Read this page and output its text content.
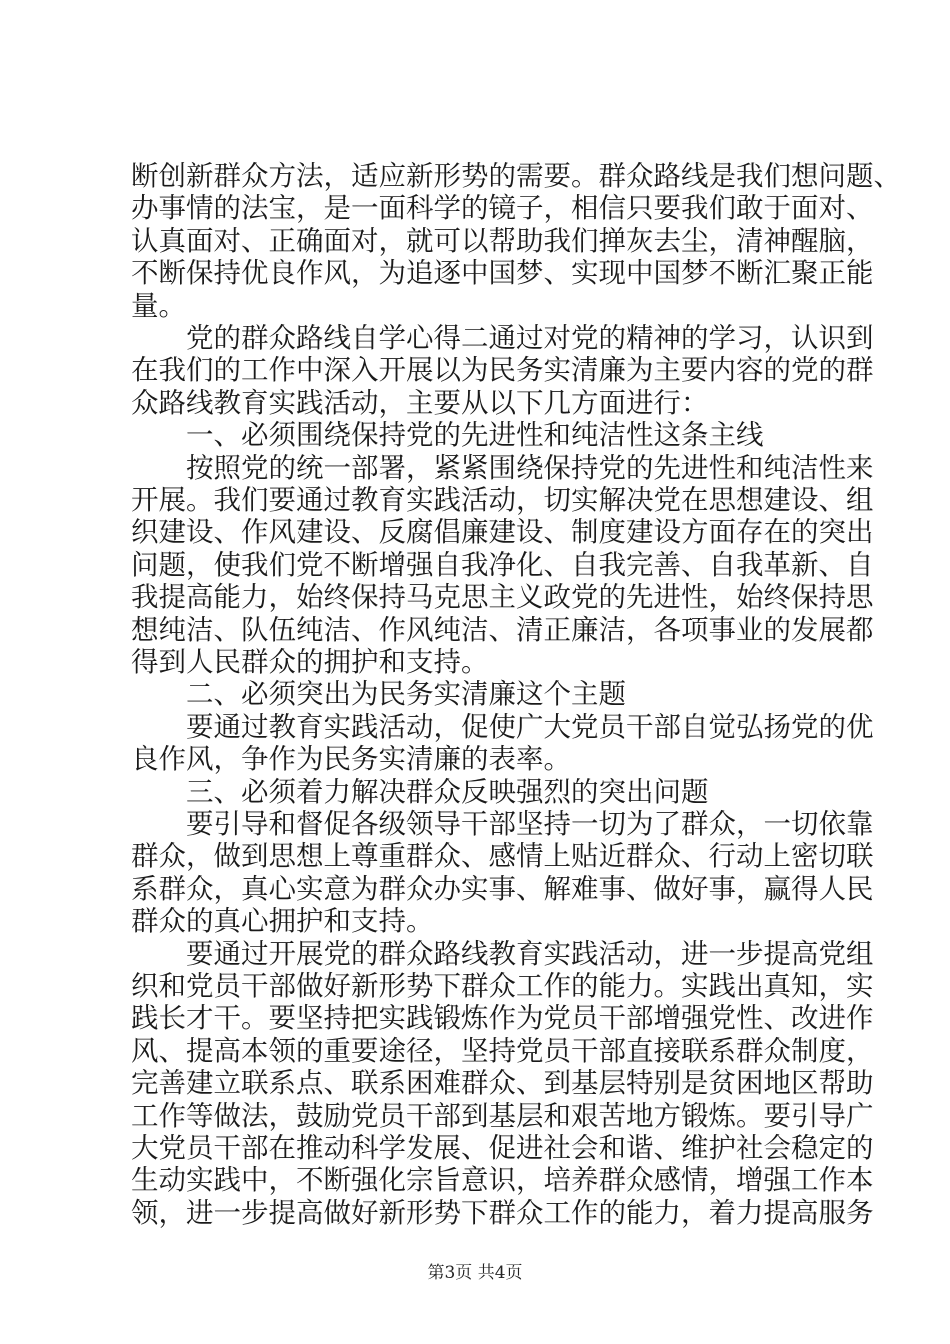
断创新群众方法，适应新形势的需要。群众路线是我们想问题、
办事情的法宝，是一面科学的镜子，相信只要我们敢于面对、
认真面对、正确面对，就可以帮助我们掸灰去尘，清神醒脑，
不断保持优良作风，为追逐中国梦、实现中国梦不断汇聚正能
量。
　　党的群众路线自学心得二通过对党的精神的学习，认识到
在我们的工作中深入开展以为民务实清廉为主要内容的党的群
众路线教育实践活动，主要从以下几方面进行：
　　一、必须围绕保持党的先进性和纯洁性这条主线
　　按照党的统一部署，紧紧围绕保持党的先进性和纯洁性来
开展。我们要通过教育实践活动，切实解决党在思想建设、组
织建设、作风建设、反腐倡廉建设、制度建设方面存在的突出
问题，使我们党不断增强自我净化、自我完善、自我革新、自
我提高能力，始终保持马克思主义政党的先进性，始终保持思
想纯洁、队伍纯洁、作风纯洁、清正廉洁，各项事业的发展都
得到人民群众的拥护和支持。
　　二、必须突出为民务实清廉这个主题
　　要通过教育实践活动，促使广大党员干部自觉弘扬党的优
良作风，争作为民务实清廉的表率。
　　三、必须着力解决群众反映强烈的突出问题
　　要引导和督促各级领导干部坚持一切为了群众，一切依靠
群众，做到思想上尊重群众、感情上贴近群众、行动上密切联
系群众，真心实意为群众办实事、解难事、做好事，赢得人民
群众的真心拥护和支持。
　　要通过开展党的群众路线教育实践活动，进一步提高党组
织和党员干部做好新形势下群众工作的能力。实践出真知，实
践长才干。要坚持把实践锻炼作为党员干部增强党性、改进作
风、提高本领的重要途径，坚持党员干部直接联系群众制度，
完善建立联系点、联系困难群众、到基层特别是贫困地区帮助
工作等做法，鼓励党员干部到基层和艰苦地方锻炼。要引导广
大党员干部在推动科学发展、促进社会和谐、维护社会稳定的
生动实践中，不断强化宗旨意识，培养群众感情，增强工作本
领，进一步提高做好新形势下群众工作的能力，着力提高服务
第3页 共4页
